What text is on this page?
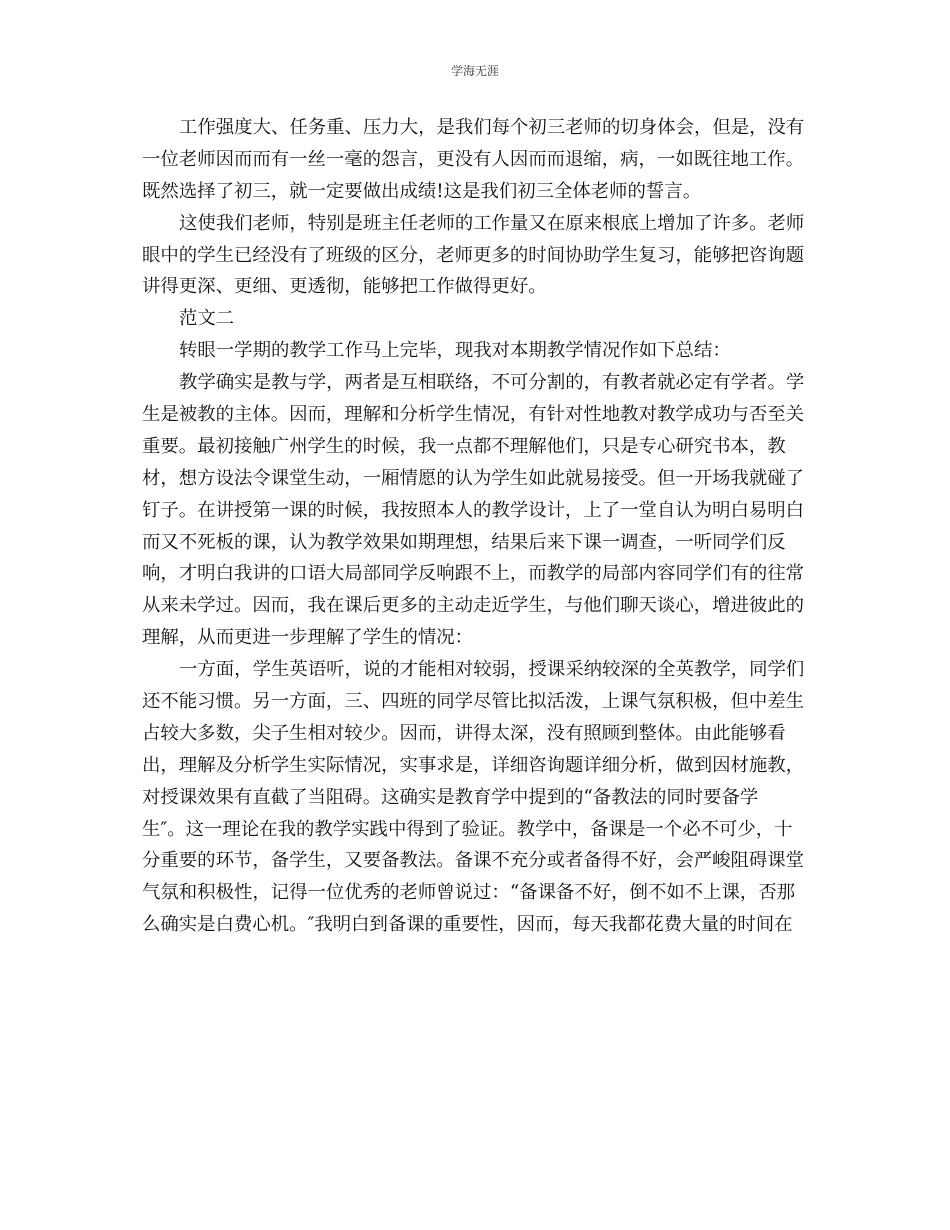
学海无涯
工作强度大、任务重、压力大，是我们每个初三老师的切身体会，但是，没有
一位老师因而而有一丝一毫的怨言，更没有人因而而退缩，病，一如既往地工作。
既然选择了初三，就一定要做出成绩!这是我们初三全体老师的誓言。
这使我们老师，特别是班主任老师的工作量又在原来根底上增加了许多。老师
眼中的学生已经没有了班级的区分，老师更多的时间协助学生复习，能够把咨询题
讲得更深、更细、更透彻，能够把工作做得更好。
范文二
转眼一学期的教学工作马上完毕，现我对本期教学情况作如下总结：
教学确实是教与学，两者是互相联络，不可分割的，有教者就必定有学者。学
生是被教的主体。因而，理解和分析学生情况，有针对性地教对教学成功与否至关
重要。最初接触广州学生的时候，我一点都不理解他们，只是专心研究书本，教
材，想方设法令课堂生动，一厢情愿的认为学生如此就易接受。但一开场我就碰了
钉子。在讲授第一课的时候，我按照本人的教学设计，上了一堂自认为明白易明白
而又不死板的课，认为教学效果如期理想，结果后来下课一调查，一听同学们反
响，才明白我讲的口语大局部同学反响跟不上，而教学的局部内容同学们有的往常
从来未学过。因而，我在课后更多的主动走近学生，与他们聊天谈心，增进彼此的
理解，从而更进一步理解了学生的情况：
一方面，学生英语听，说的才能相对较弱，授课采纳较深的全英教学，同学们
还不能习惯。另一方面，三、四班的同学尽管比拟活泼，上课气氛积极，但中差生
占较大多数，尖子生相对较少。因而，讲得太深，没有照顾到整体。由此能够看
出，理解及分析学生实际情况，实事求是，详细咨询题详细分析，做到因材施教，
对授课效果有直截了当阻碍。这确实是教育学中提到的“备教法的同时要备学
生″。这一理论在我的教学实践中得到了验证。教学中，备课是一个必不可少，十
分重要的环节，备学生，又要备教法。备课不充分或者备得不好，会严峻阻碍课堂
气氛和积极性，记得一位优秀的老师曾说过：“备课备不好，倒不如不上课，否那
么确实是白费心机。″我明白到备课的重要性，因而，每天我都花费大量的时间在
